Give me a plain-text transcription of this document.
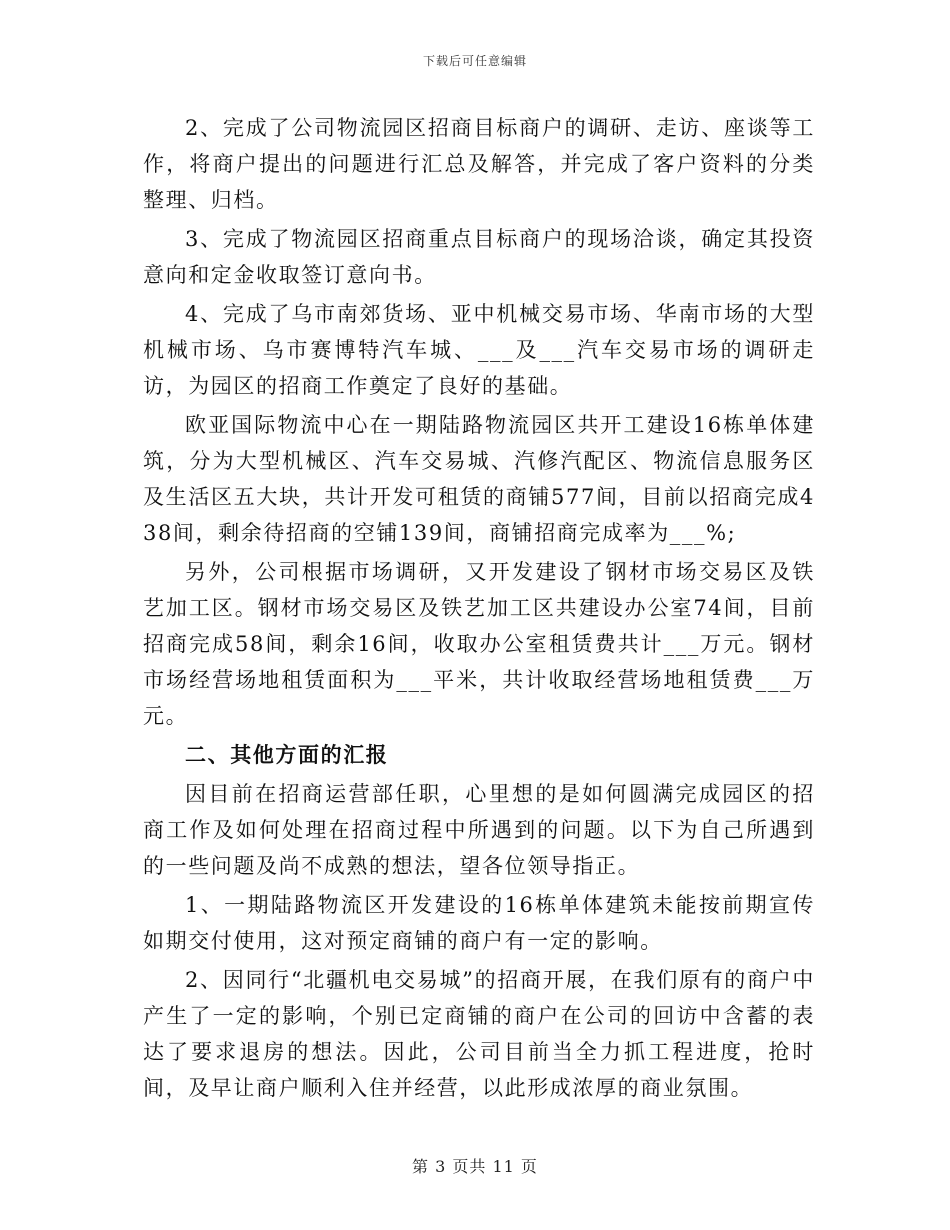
下载后可任意编辑

2、完成了公司物流园区招商目标商户的调研、走访、座谈等工作，将商户提出的问题进行汇总及解答，并完成了客户资料的分类整理、归档。

3、完成了物流园区招商重点目标商户的现场洽谈，确定其投资意向和定金收取签订意向书。

4、完成了乌市南郊货场、亚中机械交易市场、华南市场的大型机械市场、乌市赛博特汽车城、___及___汽车交易市场的调研走访，为园区的招商工作奠定了良好的基础。

欧亚国际物流中心在一期陆路物流园区共开工建设16栋单体建筑，分为大型机械区、汽车交易城、汽修汽配区、物流信息服务区及生活区五大块，共计开发可租赁的商铺577间，目前以招商完成438间，剩余待招商的空铺139间，商铺招商完成率为___%;

另外，公司根据市场调研，又开发建设了钢材市场交易区及铁艺加工区。钢材市场交易区及铁艺加工区共建设办公室74间，目前招商完成58间，剩余16间，收取办公室租赁费共计___万元。钢材市场经营场地租赁面积为___平米，共计收取经营场地租赁费___万元。

二、其他方面的汇报

因目前在招商运营部任职，心里想的是如何圆满完成园区的招商工作及如何处理在招商过程中所遇到的问题。以下为自己所遇到的一些问题及尚不成熟的想法，望各位领导指正。

1、一期陆路物流区开发建设的16栋单体建筑未能按前期宣传如期交付使用，这对预定商铺的商户有一定的影响。

2、因同行“北疆机电交易城”的招商开展，在我们原有的商户中产生了一定的影响，个别已定商铺的商户在公司的回访中含蓄的表达了要求退房的想法。因此，公司目前当全力抓工程进度，抢时间，及早让商户顺利入住并经营，以此形成浓厚的商业氛围。

第 3 页共 11 页
